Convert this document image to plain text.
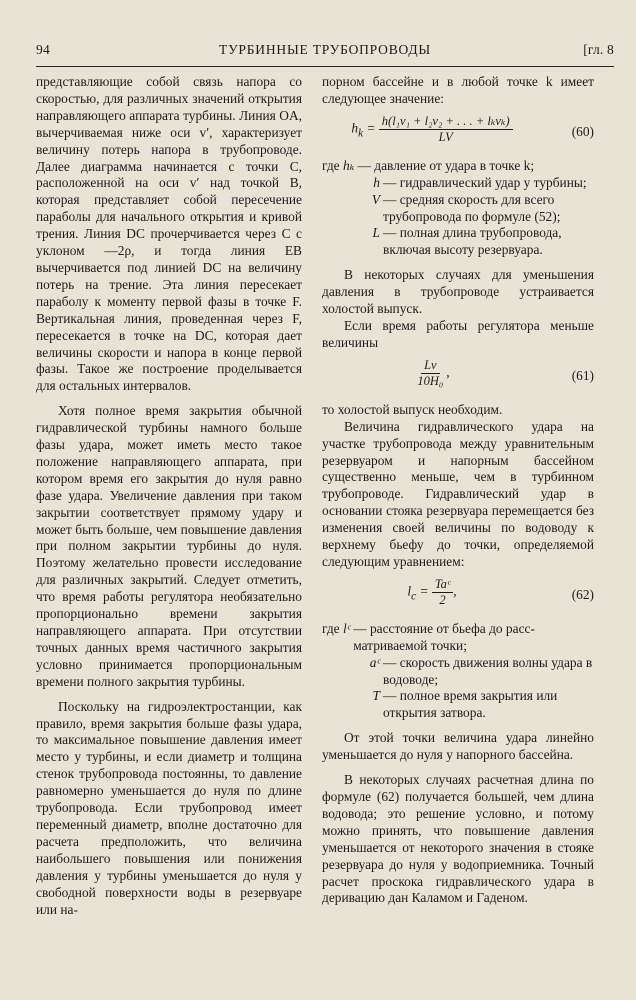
94	ТУРБИННЫЕ ТРУБОПРОВОДЫ	[гл. 8

представляющие собой связь напора со скоростью, для различных значений открытия направляющего аппарата турбины. Линия OA, вычерчиваемая ниже оси v′, характеризует величину потерь напора в трубопроводе. Далее диаграмма начинается с точки C, расположенной на оси v′ над точкой B, которая представляет собой пересечение параболы для начального открытия и кривой трения. Линия DC прочерчивается через C с уклоном —2ρ, и тогда линия EB вычерчивается под линией DC на величину потерь на трение. Эта линия пересекает параболу к моменту первой фазы в точке F. Вертикальная линия, проведенная через F, пересекается в точке на DC, которая дает величины скорости и напора в конце первой фазы. Такое же построение проделывается для остальных интервалов.

Хотя полное время закрытия обычной гидравлической турбины намного больше фазы удара, может иметь место такое положение направляющего аппарата, при котором время его закрытия до нуля равно фазе удара. Увеличение давления при таком закрытии соответствует прямому удару и может быть больше, чем повышение давления при полном закрытии турбины до нуля. Поэтому желательно провести исследование для различных закрытий. Следует отметить, что время работы регулятора необязательно пропорционально времени закрытия направляющего аппарата. При отсутствии точных данных время частичного закрытия условно принимается пропорциональным времени полного закрытия турбины.

Поскольку на гидроэлектростанции, как правило, время закрытия больше фазы удара, то максимальное повышение давления имеет место у турбины, и если диаметр и толщина стенок трубопровода постоянны, то давление равномерно уменьшается до нуля по длине трубопровода. Если трубопровод имеет переменный диаметр, вполне достаточно для расчета предположить, что величина наибольшего повышения или понижения давления у турбины уменьшается до нуля у свободной поверхности воды в резервуаре или на-

порном бассейне и в любой точке k имеет следующее значение:

$h_k = \frac{\text{h(l₁v₁ + l₂v₂ + . . . + lₖvₖ)}}{LV}$	(60)
где hₖ — давление от удара в точке k;
h — гидравлический удар у турбины;
V — средняя скорость для всего трубопровода по формуле (52);
L — полная длина трубопровода, включая высоту резервуара.

В некоторых случаях для уменьшения давления в трубопроводе устраивается холостой выпуск.

Если время работы регулятора меньше величины

$\frac{Lv}{\text{10H₀}}$ ,	(61)

то холостой выпуск необходим.

Величина гидравлического удара на участке трубопровода между уравнительным резервуаром и напорным бассейном существенно меньше, чем в турбинном трубопроводе. Гидравлический удар в основании стояка резервуара перемещается без изменения своей величины по водоводу к верхнему бьефу до точки, определяемой следующим уравнением:

$l_c = \frac{\text{Taᶜ}}{2}$ ,	(62)
где lᶜ — расстояние от бьефа до рассматриваемой точки;
aᶜ — скорость движения волны удара в водоводе;
T — полное время закрытия или открытия затвора.

От этой точки величина удара линейно уменьшается до нуля у напорного бассейна.

В некоторых случаях расчетная длина по формуле (62) получается большей, чем длина водовода; это решение условно, и потому можно принять, что повышение давления уменьшается от некоторого значения в стояке резервуара до нуля у водоприемника. Точный расчет проскока гидравлического удара в деривацию дан Каламом и Гаденом.
